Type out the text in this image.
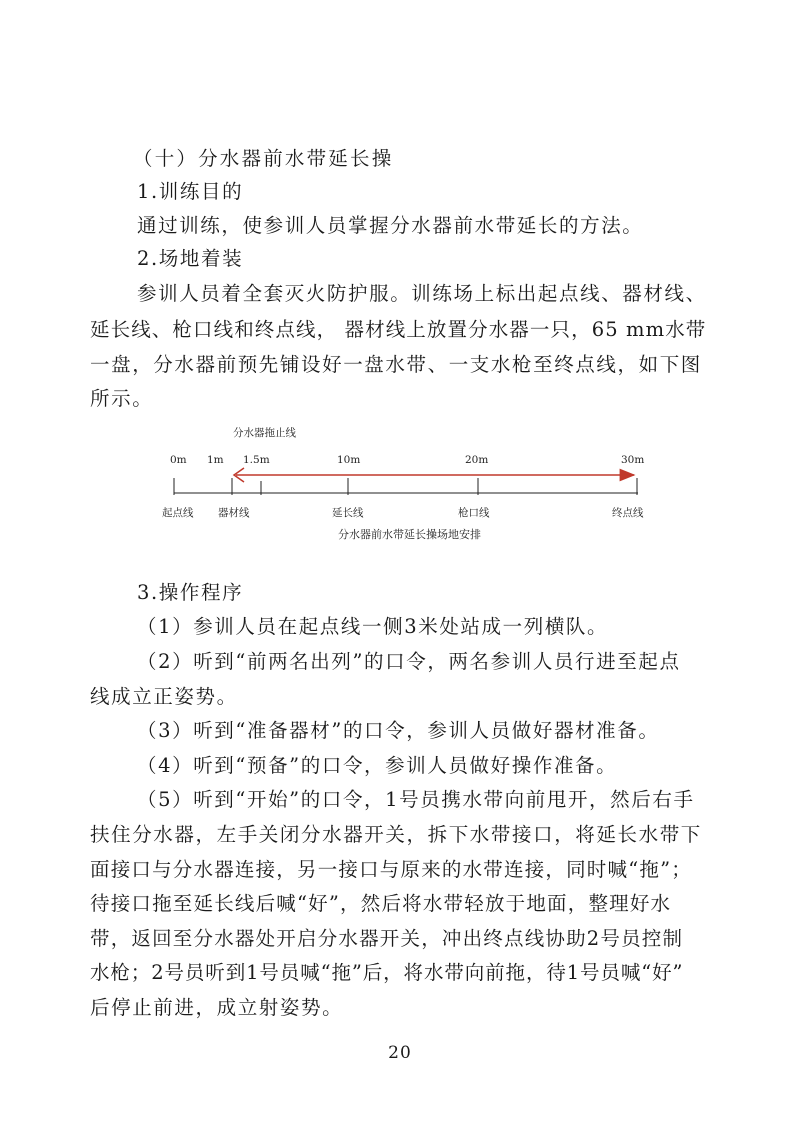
（十）分水器前水带延长操
1.训练目的
通过训练，使参训人员掌握分水器前水带延长的方法。
2.场地着装
参训人员着全套灭火防护服。训练场上标出起点线、器材线、
延长线、枪口线和终点线， 器材线上放置分水器一只，65 mm水带
一盘，分水器前预先铺设好一盘水带、一支水枪至终点线，如下图
所示。
分水器拖止线
0m 1m 1.5m	10m	20m	30m
起点线 器材线	延长线	枪口线	终点线
分水器前水带延长操场地安排
3.操作程序
（1）参训人员在起点线一侧3米处站成一列横队。
（2）听到“前两名出列”的口令，两名参训人员行进至起点
线成立正姿势。
（3）听到“准备器材”的口令，参训人员做好器材准备。
（4）听到“预备”的口令，参训人员做好操作准备。
（5）听到“开始”的口令，1号员携水带向前甩开，然后右手
扶住分水器，左手关闭分水器开关，拆下水带接口，将延长水带下
面接口与分水器连接，另一接口与原来的水带连接，同时喊“拖”；
待接口拖至延长线后喊“好”，然后将水带轻放于地面，整理好水
带，返回至分水器处开启分水器开关，冲出终点线协助2号员控制
水枪；2号员听到1号员喊“拖”后，将水带向前拖，待1号员喊“好”
后停止前进，成立射姿势。
20
